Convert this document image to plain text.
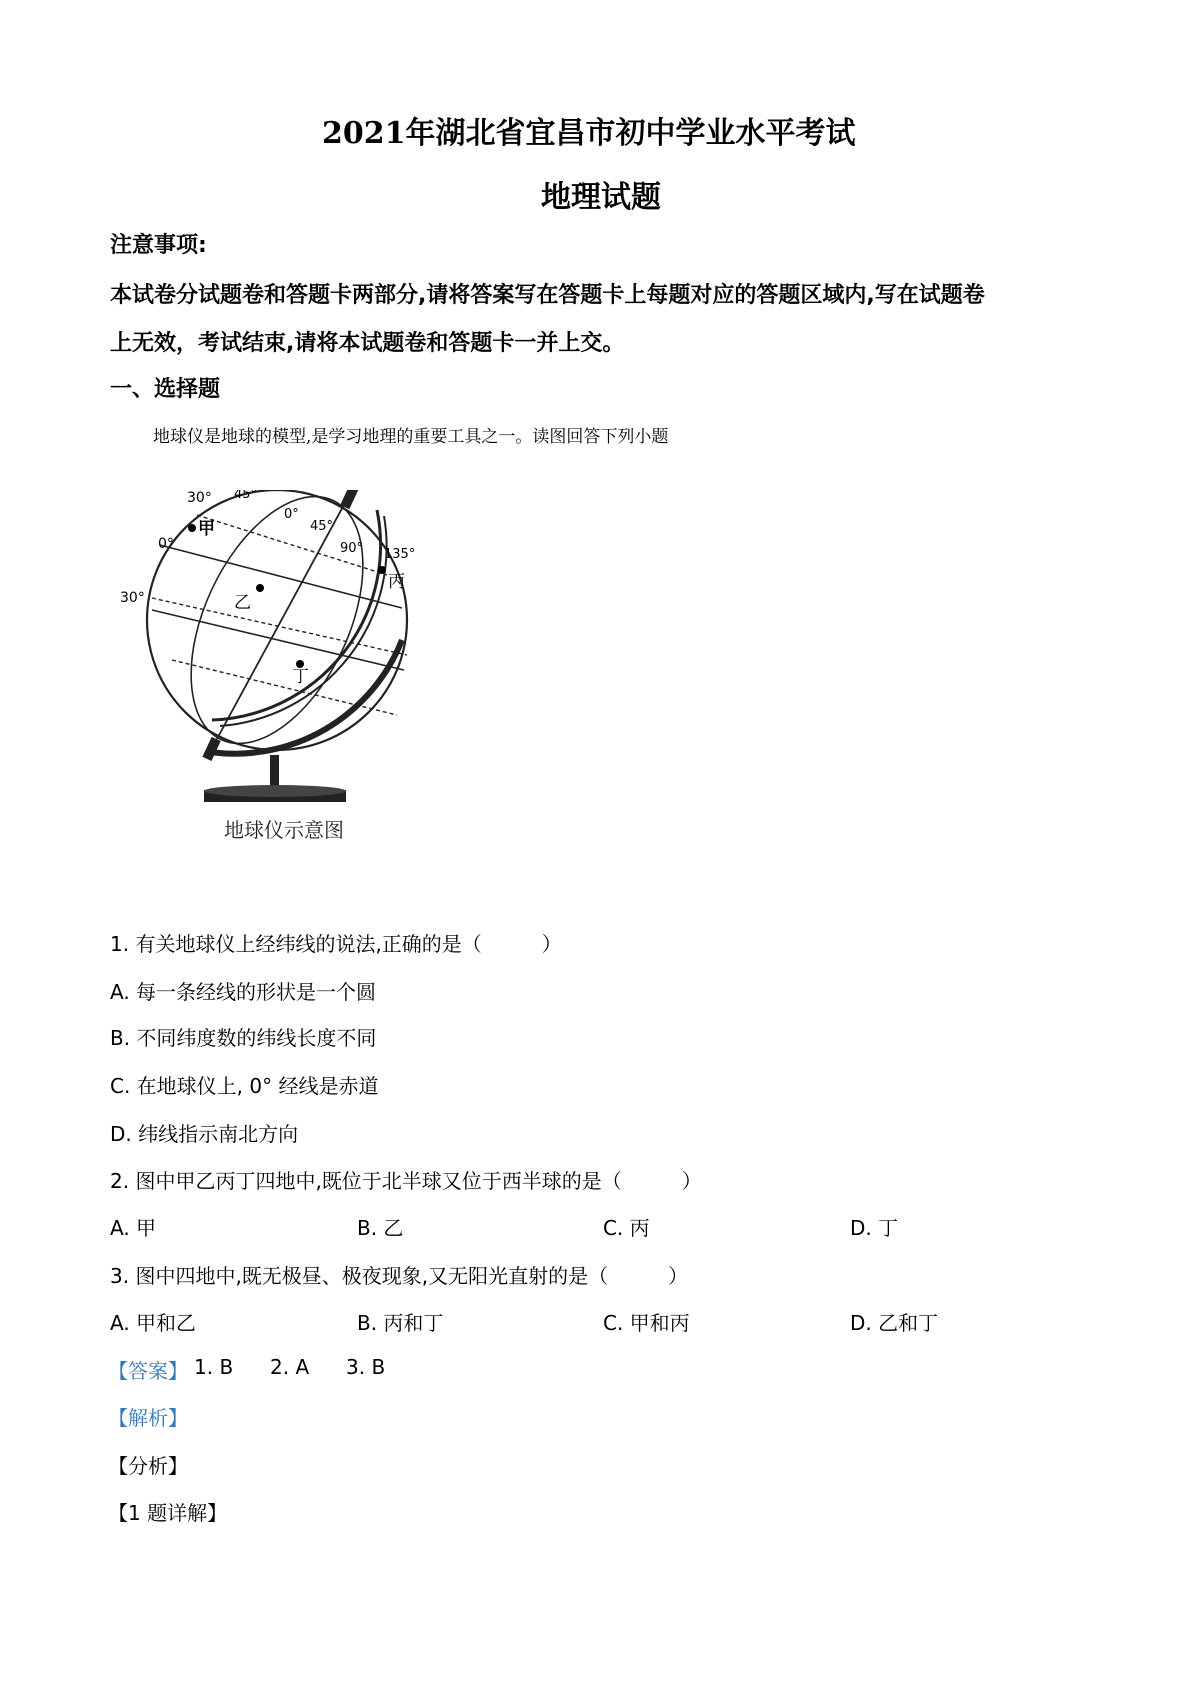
2021年湖北省宜昌市初中学业水平考试
地理试题
注意事项:
本试卷分试题卷和答题卡两部分,请将答案写在答题卡上每题对应的答题区域内,写在试题卷
上无效，考试结束,请将本试题卷和答题卡一并上交。
一、选择题
地球仪是地球的模型,是学习地理的重要工具之一。读图回答下列小题
30° 45°
0°
45°
90° 135°
0°
30°
甲
乙
丙
丁
地球仪示意图
1. 有关地球仪上经纬线的说法,正确的是（　　　）
A. 每一条经线的形状是一个圆
B. 不同纬度数的纬线长度不同
C. 在地球仪上, 0° 经线是赤道
D. 纬线指示南北方向
2. 图中甲乙丙丁四地中,既位于北半球又位于西半球的是（　　　）
A. 甲	B. 乙	C. 丙	D. 丁
3. 图中四地中,既无极昼、极夜现象,又无阳光直射的是（　　　）
A. 甲和乙	B. 丙和丁	C. 甲和丙	D. 乙和丁
【答案】 1. B 2. A 3. B
【解析】
【分析】
【1 题详解】
